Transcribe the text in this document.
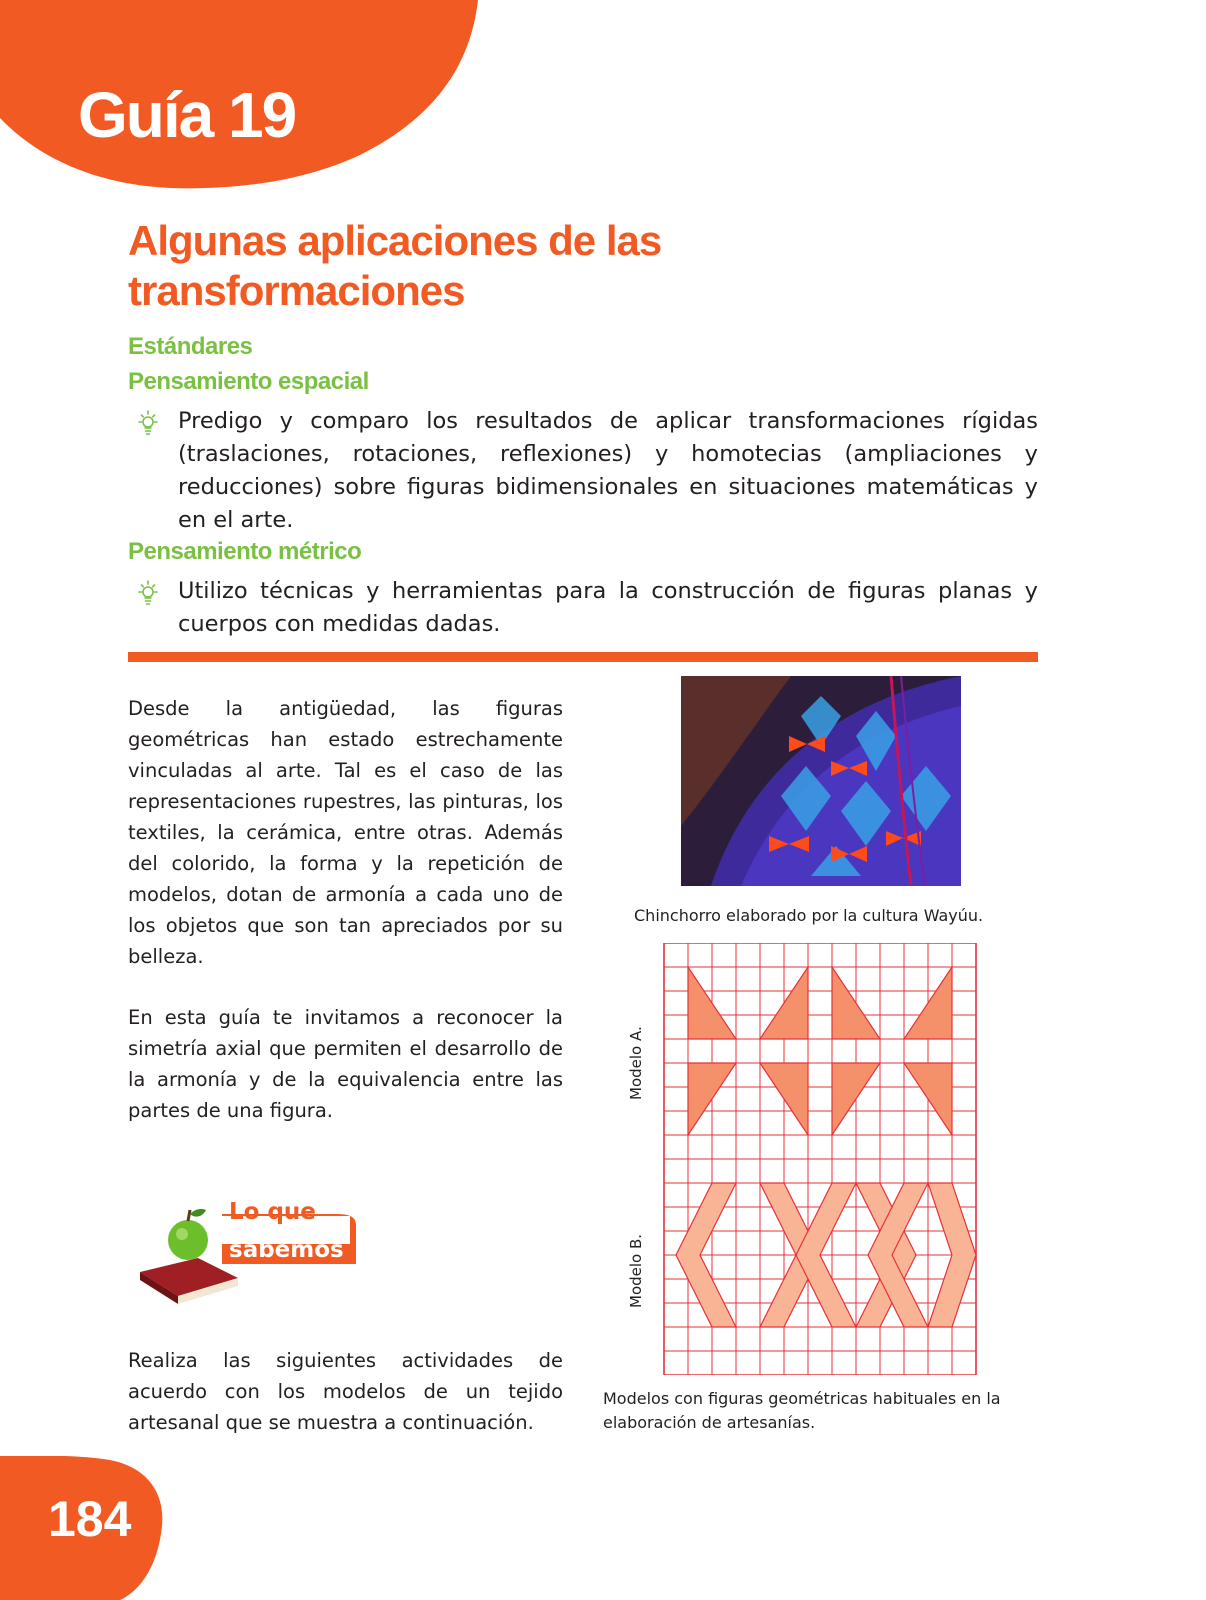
Guía 19
Algunas aplicaciones de las
transformaciones
Estándares
Pensamiento espacial
Predigo y comparo los resultados de aplicar transformaciones rígidas (traslaciones, rotaciones, reflexiones) y homotecias (ampliaciones y reducciones) sobre figuras bidimensionales en situaciones matemáticas y en el arte.
Pensamiento métrico
Utilizo técnicas y herramientas para la construcción de figuras planas y cuerpos con medidas dadas.
Desde la antigüedad, las figuras geométricas han estado estrechamente vinculadas al arte. Tal es el caso de las representaciones rupestres, las pinturas, los textiles, la cerámica, entre otras. Además del colorido, la forma y la repetición de modelos, dotan de armonía a cada uno de los objetos que son tan apreciados por su belleza.
En esta guía te invitamos a reconocer la simetría axial que permiten el desarrollo de la armonía y de la equivalencia entre las partes de una figura.
Chinchorro elaborado por la cultura Wayúu.
Modelo A.
Modelo B.
Modelos con figuras geométricas habituales en la elaboración de artesanías.
Lo que
sabemos
Realiza las siguientes actividades de acuerdo con los modelos de un tejido artesanal que se muestra a continuación.
184
